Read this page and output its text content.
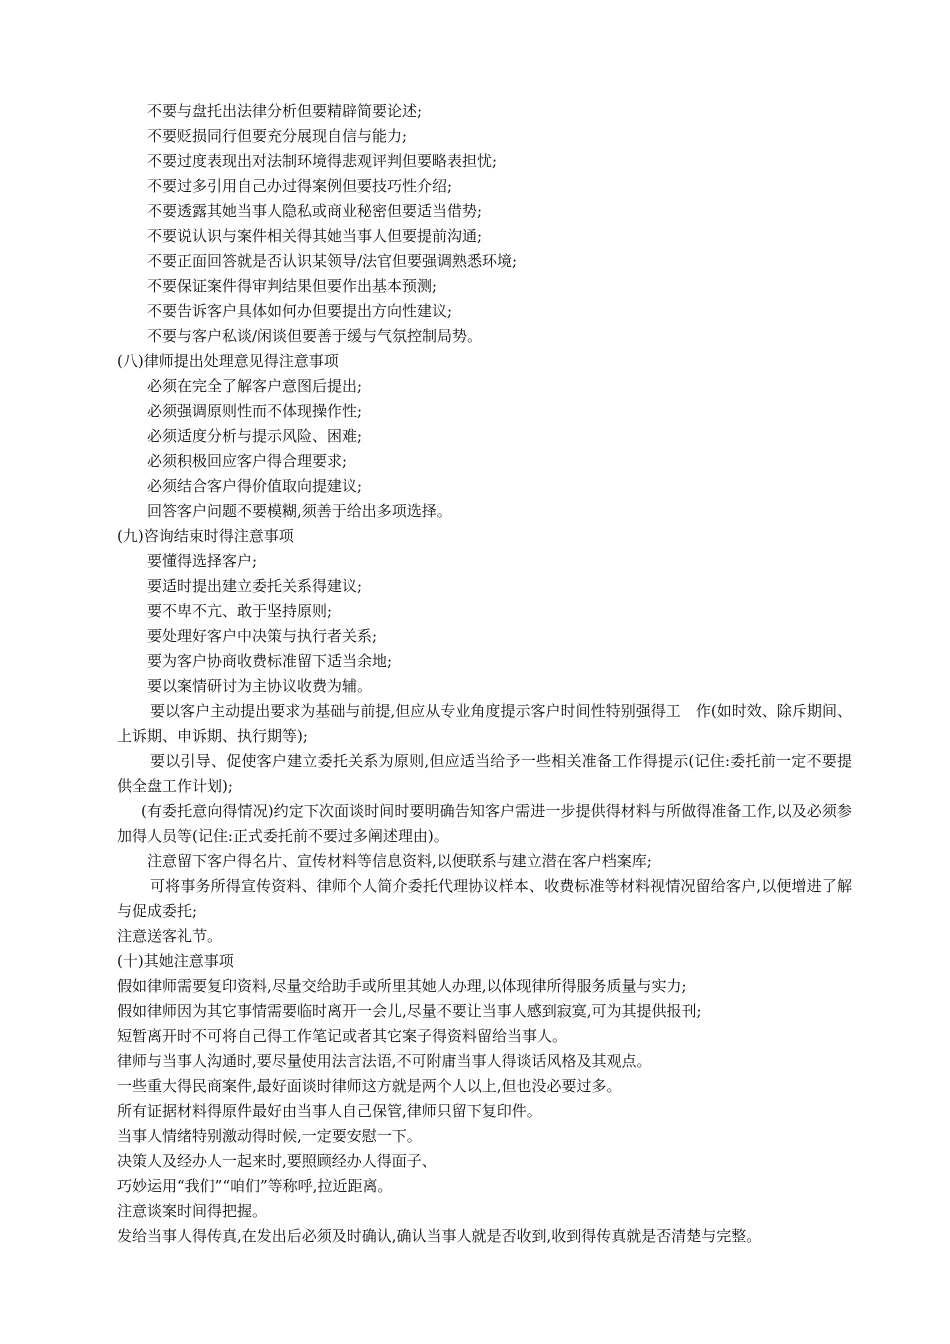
不要与盘托出法律分析但要精辟简要论述;
不要贬损同行但要充分展现自信与能力;
不要过度表现出对法制环境得悲观评判但要略表担忧;
不要过多引用自己办过得案例但要技巧性介绍;
不要透露其她当事人隐私或商业秘密但要适当借势;
不要说认识与案件相关得其她当事人但要提前沟通;
不要正面回答就是否认识某领导/法官但要强调熟悉环境;
不要保证案件得审判结果但要作出基本预测;
不要告诉客户具体如何办但要提出方向性建议;
不要与客户私谈/闲谈但要善于缓与气氛控制局势。
(八)律师提出处理意见得注意事项
必须在完全了解客户意图后提出;
必须强调原则性而不体现操作性;
必须适度分析与提示风险、困难;
必须积极回应客户得合理要求;
必须结合客户得价值取向提建议;
回答客户问题不要模糊,须善于给出多项选择。
(九)咨询结束时得注意事项
要懂得选择客户;
要适时提出建立委托关系得建议;
要不卑不亢、敢于坚持原则;
要处理好客户中决策与执行者关系;
要为客户协商收费标准留下适当余地;
要以案情研讨为主协议收费为辅。
要以客户主动提出要求为基础与前提,但应从专业角度提示客户时间性特别强得工　作(如时效、除斥期间、上诉期、申诉期、执行期等);
要以引导、促使客户建立委托关系为原则,但应适当给予一些相关准备工作得提示(记住:委托前一定不要提供全盘工作计划);
(有委托意向得情况)约定下次面谈时间时要明确告知客户需进一步提供得材料与所做得准备工作,以及必须参加得人员等(记住:正式委托前不要过多阐述理由)。
注意留下客户得名片、宣传材料等信息资料,以便联系与建立潜在客户档案库;
可将事务所得宣传资料、律师个人简介委托代理协议样本、收费标准等材料视情况留给客户,以便增进了解与促成委托;
注意送客礼节。
(十)其她注意事项
假如律师需要复印资料,尽量交给助手或所里其她人办理,以体现律所得服务质量与实力;
假如律师因为其它事情需要临时离开一会儿,尽量不要让当事人感到寂寞,可为其提供报刊;
短暂离开时不可将自己得工作笔记或者其它案子得资料留给当事人。
律师与当事人沟通时,要尽量使用法言法语,不可附庸当事人得谈话风格及其观点。
一些重大得民商案件,最好面谈时律师这方就是两个人以上,但也没必要过多。
所有证据材料得原件最好由当事人自己保管,律师只留下复印件。
当事人情绪特别激动得时候,一定要安慰一下。
决策人及经办人一起来时,要照顾经办人得面子、
巧妙运用“我们”“咱们”等称呼,拉近距离。
注意谈案时间得把握。
发给当事人得传真,在发出后必须及时确认,确认当事人就是否收到,收到得传真就是否清楚与完整。
